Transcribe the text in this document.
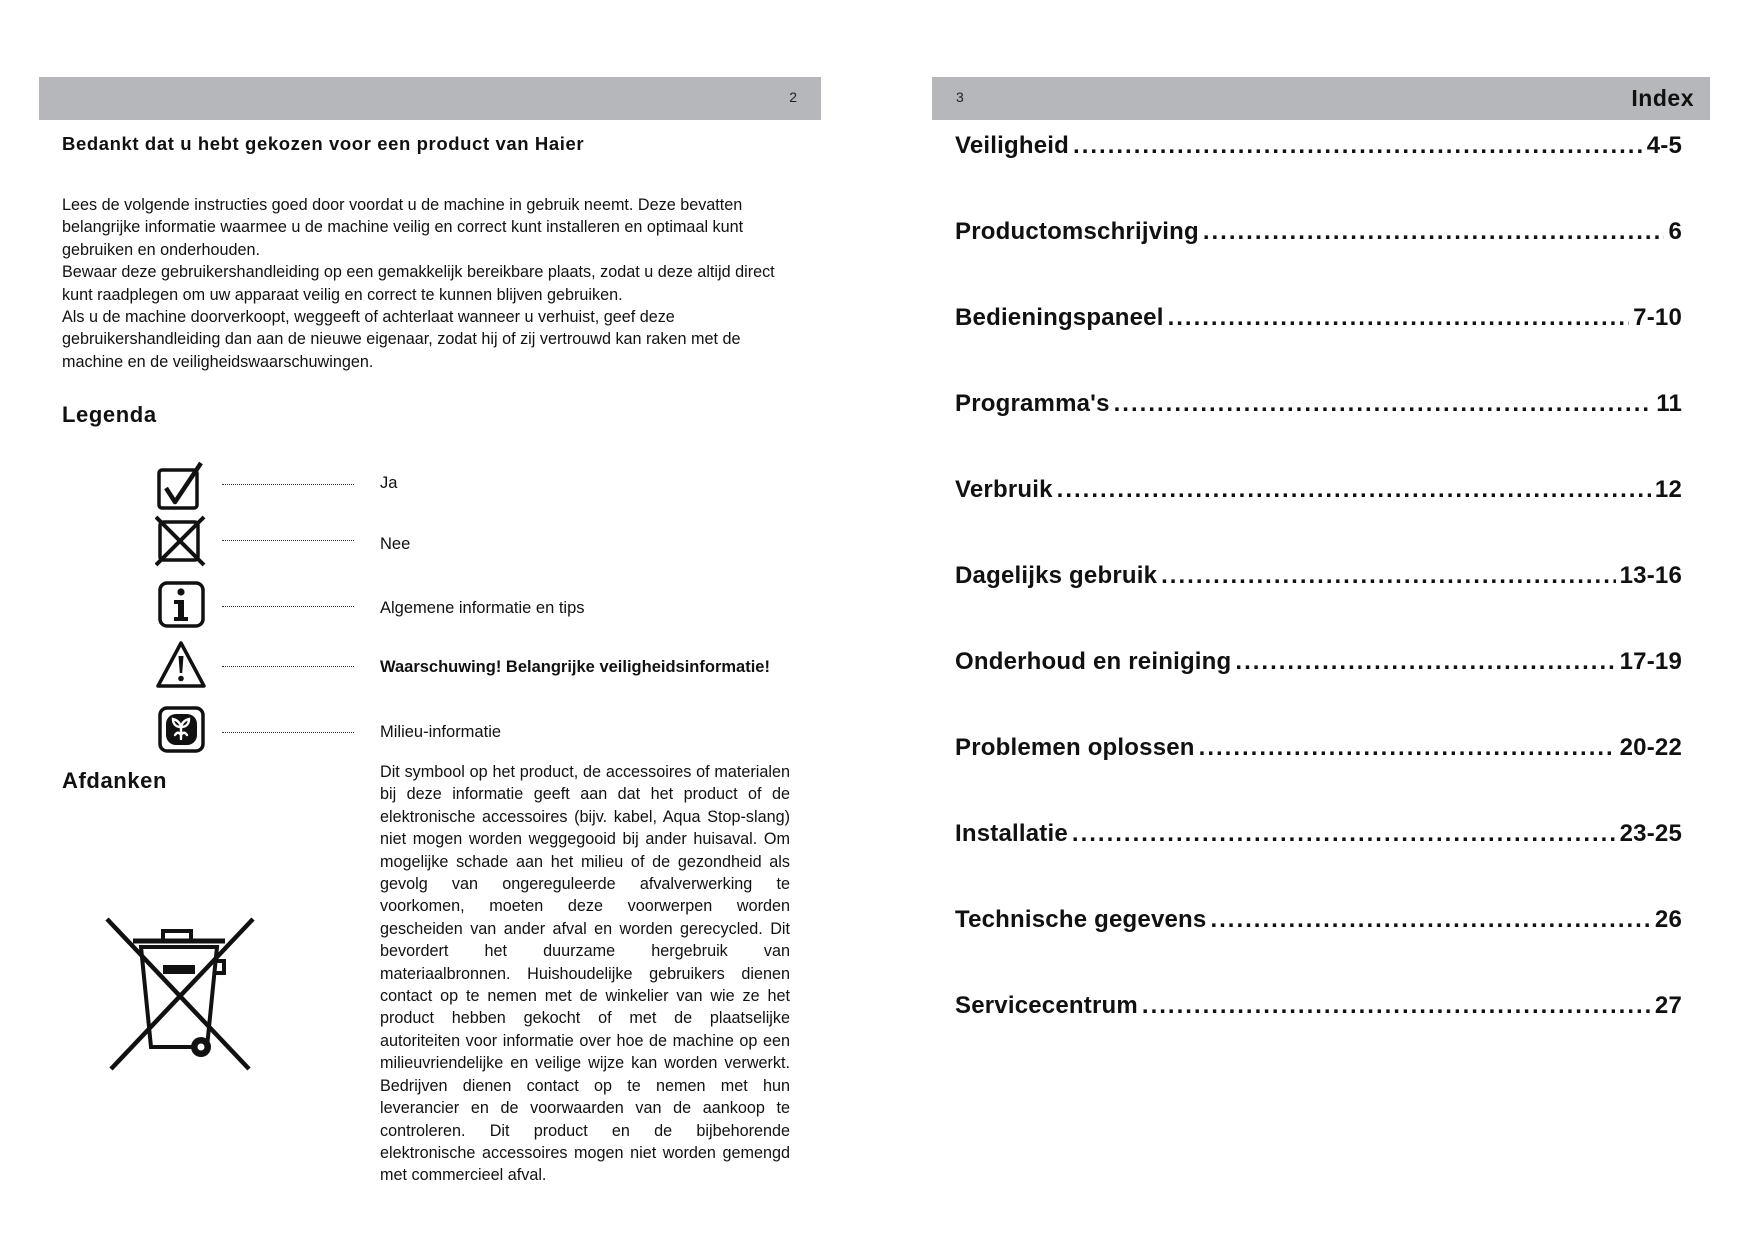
2
Bedankt dat u hebt gekozen voor een product van Haier

Lees de volgende instructies goed door voordat u de machine in gebruik neemt. Deze bevatten belangrijke informatie waarmee u de machine veilig en correct kunt installeren en optimaal kunt gebruiken en onderhouden.

Bewaar deze gebruikershandleiding op een gemakkelijk bereikbare plaats, zodat u deze altijd direct kunt raadplegen om uw apparaat veilig en correct te kunnen blijven gebruiken.

Als u de machine doorverkoopt, weggeeft of achterlaat wanneer u verhuist, geef deze gebruikershandleiding dan aan de nieuwe eigenaar, zodat hij of zij vertrouwd kan raken met de machine en de veiligheidswaarschuwingen.

Legenda
Ja
Nee
Algemene informatie en tips
Waarschuwing! Belangrijke veiligheidsinformatie!
Milieu-informatie
Afdanken	Dit symbool op het product, de accessoires of materialen bij deze informatie geeft aan dat het product of de elektronische accessoires (bijv. kabel, Aqua Stop-slang) niet mogen worden weggegooid bij ander huisaval. Om mogelijke schade aan het milieu of de gezondheid als gevolg van ongereguleerde afvalverwerking te voorkomen, moeten deze voorwerpen worden gescheiden van ander afval en worden gerecycled. Dit bevordert het duurzame hergebruik van materiaalbronnen. Huishoudelijke gebruikers dienen contact op te nemen met de winkelier van wie ze het product hebben gekocht of met de plaatselijke autoriteiten voor informatie over hoe de machine op een milieuvriendelijke en veilige wijze kan worden verwerkt. Bedrijven dienen contact op te nemen met hun leverancier en de voorwaarden van de aankoop te controleren. Dit product en de bijbehorende elektronische accessoires mogen niet worden gemengd met commercieel afval.
3	Index
Veiligheid .....	4-5
Productomschrijving .....	6
Bedieningspaneel .....	7-10
Programma's .....	11
Verbruik .....	12
Dagelijks gebruik .....	13-16
Onderhoud en reiniging .....	17-19
Problemen oplossen .....	20-22
Installatie .....	23-25
Technische gegevens .....	26
Servicecentrum .....	27
